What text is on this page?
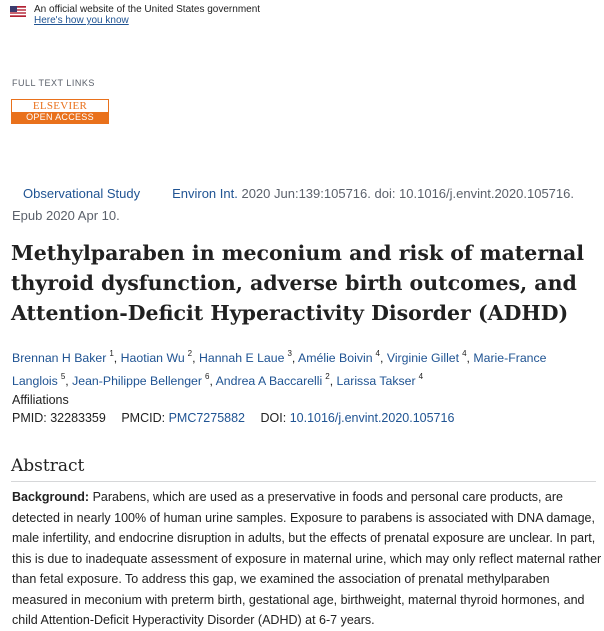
An official website of the United States government
Here's how you know
FULL TEXT LINKS
ELSEVIER
OPEN ACCESS
Observational Study Environ Int. 2020 Jun:139:105716. doi: 10.1016/j.envint.2020.105716.
Epub 2020 Apr 10.
Methylparaben in meconium and risk of maternal thyroid dysfunction, adverse birth outcomes, and Attention-Deficit Hyperactivity Disorder (ADHD)
Brennan H Baker $^1$, Haotian Wu $^2$, Hannah E Laue $^3$, Amélie Boivin $^4$, Virginie Gillet $^4$, Marie-France Langlois $^5$, Jean-Philippe Bellenger $^6$, Andrea A Baccarelli $^2$, Larissa Takser $^4$
Affiliations
PMID: 32283359 PMCID: PMC7275882 DOI: 10.1016/j.envint.2020.105716
Abstract

Background: Parabens, which are used as a preservative in foods and personal care products, are detected in nearly 100% of human urine samples. Exposure to parabens is associated with DNA damage, male infertility, and endocrine disruption in adults, but the effects of prenatal exposure are unclear. In part, this is due to inadequate assessment of exposure in maternal urine, which may only reflect maternal rather than fetal exposure. To address this gap, we examined the association of prenatal methylparaben measured in meconium with preterm birth, gestational age, birthweight, maternal thyroid hormones, and child Attention-Deficit Hyperactivity Disorder (ADHD) at 6-7 years.
